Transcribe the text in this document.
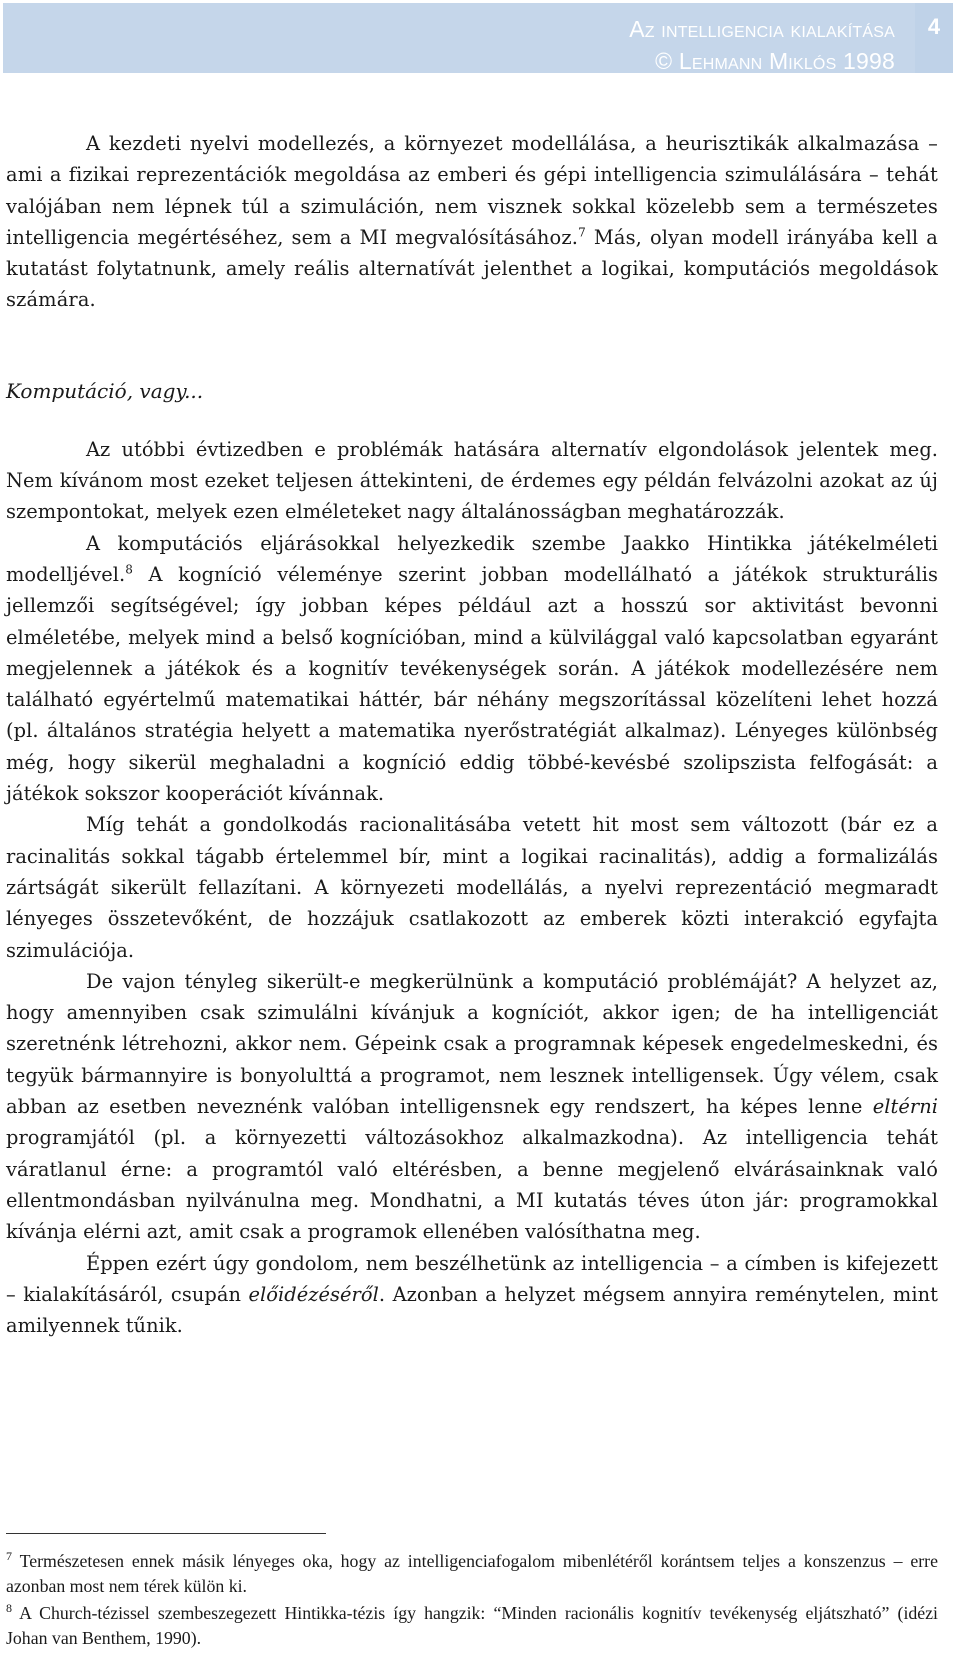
Az intelligencia kialakítása
© Lehmann Miklós 1998
4

A kezdeti nyelvi modellezés, a környezet modellálása, a heurisztikák alkalmazása – ami a fizikai reprezentációk megoldása az emberi és gépi intelligencia szimulálására – tehát valójában nem lépnek túl a szimuláción, nem visznek sokkal közelebb sem a természetes intelligencia megértéséhez, sem a MI megvalósításához.$^7$ Más, olyan modell irányába kell a kutatást folytatnunk, amely reális alternatívát jelenthet a logikai, komputációs megoldások számára.

Komputáció, vagy...

Az utóbbi évtizedben e problémák hatására alternatív elgondolások jelentek meg. Nem kívánom most ezeket teljesen áttekinteni, de érdemes egy példán felvázolni azokat az új szempontokat, melyek ezen elméleteket nagy általánosságban meghatározzák.

A komputációs eljárásokkal helyezkedik szembe Jaakko Hintikka játékelméleti modelljével.$^8$ A kogníció véleménye szerint jobban modellálható a játékok strukturális jellemzői segítségével; így jobban képes például azt a hosszú sor aktivitást bevonni elméletébe, melyek mind a belső kognícióban, mind a külvilággal való kapcsolatban egyaránt megjelennek a játékok és a kognitív tevékenységek során. A játékok modellezésére nem található egyértelmű matematikai háttér, bár néhány megszorítással közelíteni lehet hozzá (pl. általános stratégia helyett a matematika nyerőstratégiát alkalmaz). Lényeges különbség még, hogy sikerül meghaladni a kogníció eddig többé-kevésbé szolipszista felfogását: a játékok sokszor kooperációt kívánnak.

Míg tehát a gondolkodás racionalitásába vetett hit most sem változott (bár ez a racinalitás sokkal tágabb értelemmel bír, mint a logikai racinalitás), addig a formalizálás zártságát sikerült fellazítani. A környezeti modellálás, a nyelvi reprezentáció megmaradt lényeges összetevőként, de hozzájuk csatlakozott az emberek közti interakció egyfajta szimulációja.

De vajon tényleg sikerült-e megkerülnünk a komputáció problémáját? A helyzet az, hogy amennyiben csak szimulálni kívánjuk a kogníciót, akkor igen; de ha intelligenciát szeretnénk létrehozni, akkor nem. Gépeink csak a programnak képesek engedelmeskedni, és tegyük bármannyire is bonyolulttá a programot, nem lesznek intelligensek. Úgy vélem, csak abban az esetben neveznénk valóban intelligensnek egy rendszert, ha képes lenne eltérni programjától (pl. a környezetti változásokhoz alkalmazkodna). Az intelligencia tehát váratlanul érne: a programtól való eltérésben, a benne megjelenő elvárásainknak való ellentmondásban nyilvánulna meg. Mondhatni, a MI kutatás téves úton jár: programokkal kívánja elérni azt, amit csak a programok ellenében valósíthatna meg.

Éppen ezért úgy gondolom, nem beszélhetünk az intelligencia – a címben is kifejezett – kialakításáról, csupán előidézéséről. Azonban a helyzet mégsem annyira reménytelen, mint amilyennek tűnik.

$^7$ Természetesen ennek másik lényeges oka, hogy az intelligenciafogalom mibenlétéről korántsem teljes a konszenzus – erre azonban most nem térek külön ki.

$^8$ A Church-tézissel szembeszegezett Hintikka-tézis így hangzik: “Minden racionális kognitív tevékenység eljátszható” (idézi Johan van Benthem, 1990).
